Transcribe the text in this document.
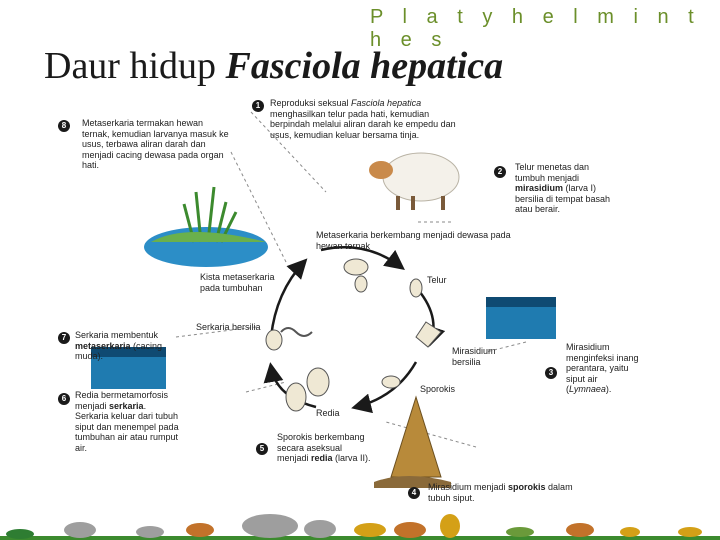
P l a t y h e l m i n t h e s
Daur hidup Fasciola hepatica
1
2
3
4
5
6
7
8
Reproduksi seksual Fasciola hepatica menghasilkan telur pada hati, kemudian berpindah melalui aliran darah ke empedu dan usus, kemudian keluar bersama tinja.
Telur menetas dan tumbuh menjadi mirasidium (larva I) bersilia di tempat basah atau berair.
Mirasidium menginfeksi inang perantara, yaitu siput air (Lymnaea).
Mirasidium menjadi sporokis dalam tubuh siput.
Sporokis berkembang secara aseksual menjadi redia (larva II).
Redia bermetamorfosis menjadi serkaria. Serkaria keluar dari tubuh siput dan menempel pada tumbuhan air atau rumput air.
Serkaria membentuk metaserkaria (cacing muda).
Metaserkaria termakan hewan ternak, kemudian larvanya masuk ke usus, terbawa aliran darah dan menjadi cacing dewasa pada organ hati.
Metaserkaria berkembang menjadi dewasa pada hewan ternak
Telur
Mirasidium bersilia
Sporokis
Redia
Serkaria bersilia
Kista metaserkaria pada tumbuhan
